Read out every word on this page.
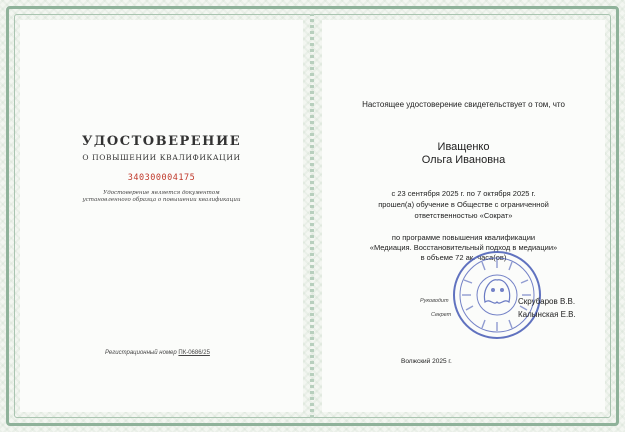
УДОСТОВЕРЕНИЕ
О ПОВЫШЕНИИ КВАЛИФИКАЦИИ
340300004175
Удостоверение является документом
установленного образца о повышении квалификации
Регистрационный номер ПК-0686/25
Настоящее удостоверение свидетельствует о том, что
Иващенко
Ольга Ивановна
с 23 сентября 2025 г. по 7 октября 2025 г.
прошел(а) обучение в Обществе с ограниченной
ответственностью «Сократ»
по программе повышения квалификации
«Медиация. Восстановительный подход в медиации»
в объеме 72 ак. часа(ов)
Руководит
Секрет
Скрубаров В.В.
Калынская Е.В.
Волжский 2025 г.
